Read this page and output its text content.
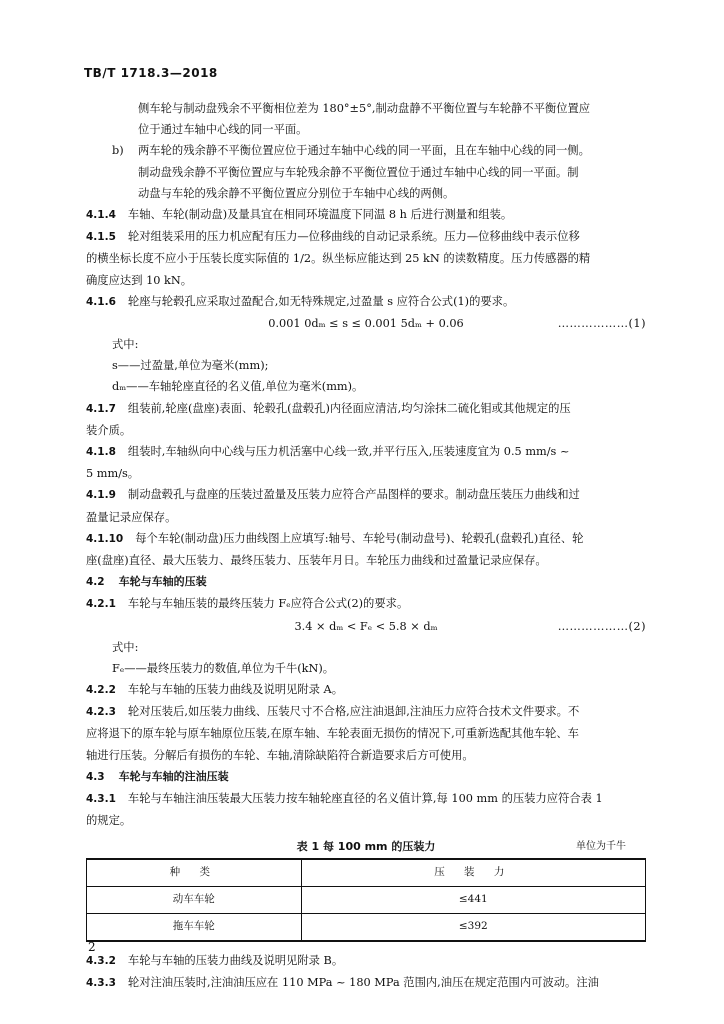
TB/T 1718.3—2018

侧车轮与制动盘残余不平衡相位差为 180°±5°,制动盘静不平衡位置与车轮静不平衡位置应

位于通过车轴中心线的同一平面。

b) 两车轮的残余静不平衡位置应位于通过车轴中心线的同一平面，且在车轴中心线的同一侧。

制动盘残余静不平衡位置应与车轮残余静不平衡位置位于通过车轴中心线的同一平面。制

动盘与车轮的残余静不平衡位置应分别位于车轴中心线的两侧。

4.1.4 车轴、车轮(制动盘)及量具宜在相同环境温度下同温 8 h 后进行测量和组装。

4.1.5 轮对组装采用的压力机应配有压力—位移曲线的自动记录系统。压力—位移曲线中表示位移

的横坐标长度不应小于压装长度实际值的 1/2。纵坐标应能达到 25 kN 的读数精度。压力传感器的精

确度应达到 10 kN。

4.1.6 轮座与轮毂孔应采取过盈配合,如无特殊规定,过盈量 s 应符合公式(1)的要求。

0.001 0dₘ ≤ s ≤ 0.001 5dₘ + 0.06	………………(1)

式中:

s——过盈量,单位为毫米(mm);

dₘ——车轴轮座直径的名义值,单位为毫米(mm)。

4.1.7 组装前,轮座(盘座)表面、轮毂孔(盘毂孔)内径面应清洁,均匀涂抹二硫化钼或其他规定的压

装介质。

4.1.8 组装时,车轴纵向中心线与压力机活塞中心线一致,并平行压入,压装速度宜为 0.5 mm/s ~

5 mm/s。

4.1.9 制动盘毂孔与盘座的压装过盈量及压装力应符合产品图样的要求。制动盘压装压力曲线和过

盈量记录应保存。

4.1.10 每个车轮(制动盘)压力曲线图上应填写:轴号、车轮号(制动盘号)、轮毂孔(盘毂孔)直径、轮

座(盘座)直径、最大压装力、最终压装力、压装年月日。车轮压力曲线和过盈量记录应保存。

4.2 车轮与车轴的压装

4.2.1 车轮与车轴压装的最终压装力 Fₑ应符合公式(2)的要求。

3.4 × dₘ < Fₑ < 5.8 × dₘ	………………(2)

式中:

Fₑ——最终压装力的数值,单位为千牛(kN)。

4.2.2 车轮与车轴的压装力曲线及说明见附录 A。

4.2.3 轮对压装后,如压装力曲线、压装尺寸不合格,应注油退卸,注油压力应符合技术文件要求。不

应将退下的原车轮与原车轴原位压装,在原车轴、车轮表面无损伤的情况下,可重新选配其他车轮、车

轴进行压装。分解后有损伤的车轮、车轴,清除缺陷符合新造要求后方可使用。

4.3 车轮与车轴的注油压装

4.3.1 车轮与车轴注油压装最大压装力按车轴轮座直径的名义值计算,每 100 mm 的压装力应符合表 1

的规定。

表 1 每 100 mm 的压装力	单位为千牛
种 类	压 装 力
动车车轮	≤441
拖车车轮	≤392

4.3.2 车轮与车轴的压装力曲线及说明见附录 B。

4.3.3 轮对注油压装时,注油油压应在 110 MPa ~ 180 MPa 范围内,油压在规定范围内可波动。注油

2
